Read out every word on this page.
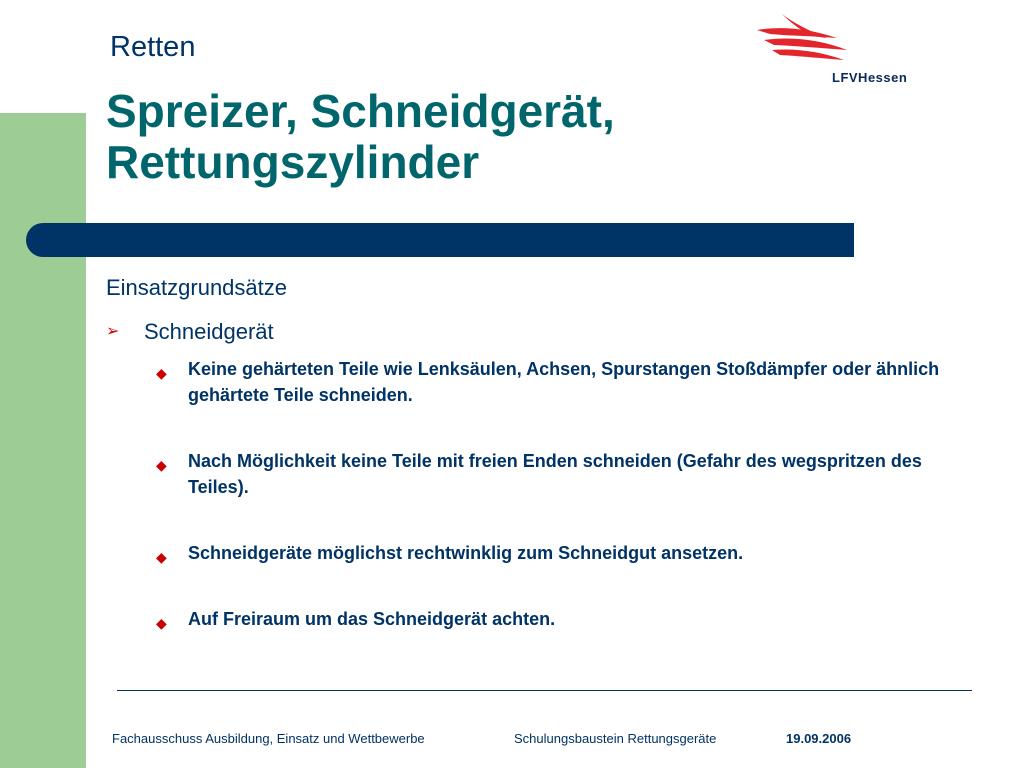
Retten
Spreizer, Schneidgerät,
Rettungszylinder
LFVHessen
Einsatzgrundsätze
➢ Schneidgerät
◆ Keine gehärteten Teile wie Lenksäulen, Achsen, Spurstangen Stoßdämpfer oder ähnlich gehärtete Teile schneiden.
◆ Nach Möglichkeit keine Teile mit freien Enden schneiden (Gefahr des wegspritzen des Teiles).
◆ Schneidgeräte möglichst rechtwinklig zum Schneidgut ansetzen.
◆ Auf Freiraum um das Schneidgerät achten.
Fachausschuss Ausbildung, Einsatz und Wettbewerbe	Schulungsbaustein Rettungsgeräte	19.09.2006
